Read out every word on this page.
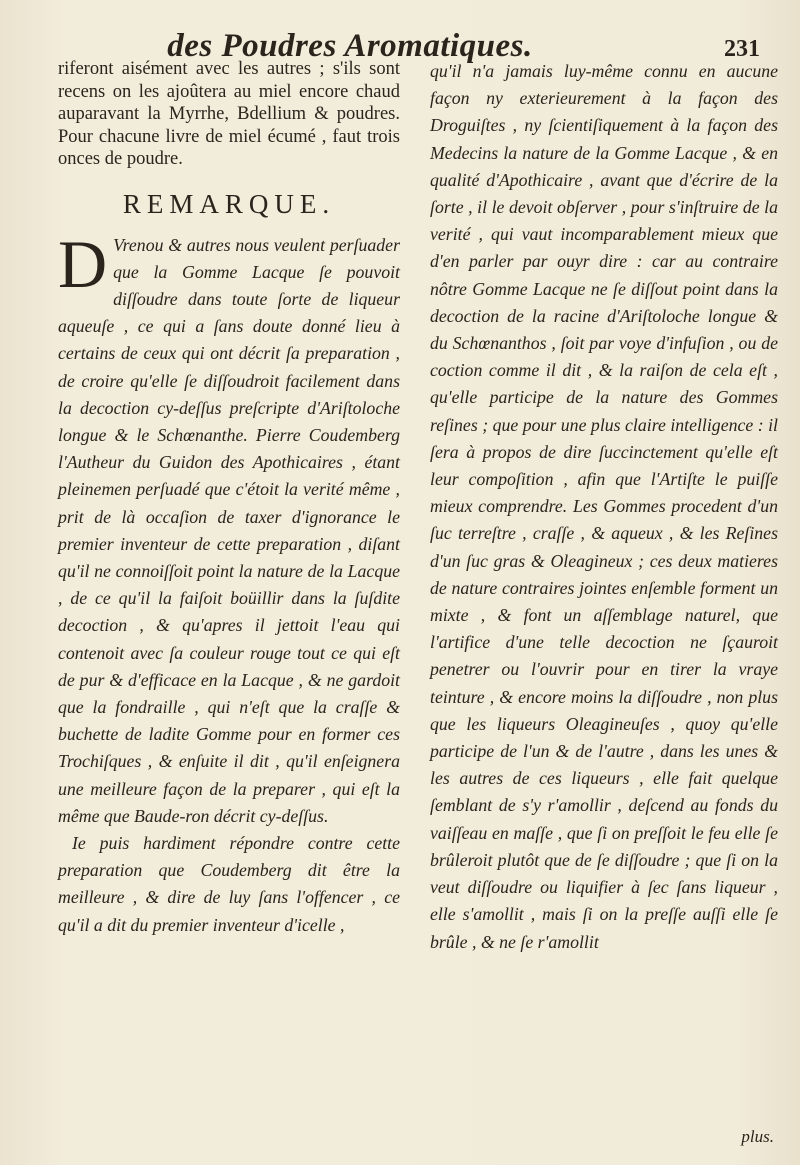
des Poudres Aromatiques.	231

riferont aisément avec les autres ; s'ils sont recens on les ajoûtera au miel encore chaud auparavant la Myrrhe, Bdellium & poudres. Pour chacune livre de miel écumé , faut trois onces de poudre.

REMARQUE.
D Vrenou & autres nous veulent perſuader que la Gomme Lacque ſe pouvoit diſſoudre dans toute ſorte de liqueur aqueuſe , ce qui a ſans doute donné lieu à certains de ceux qui ont décrit ſa preparation , de croire qu'elle ſe diſſoudroit facilement dans la decoction cy-deſſus preſcripte d'Ariſtoloche longue & le Schœnanthe. Pierre Coudemberg l'Autheur du Guidon des Apothicaires , étant pleinemen perſuadé que c'étoit la verité même , prit de là occaſion de taxer d'ignorance le premier inventeur de cette preparation , diſant qu'il ne connoiſſoit point la nature de la Lacque , de ce qu'il la faiſoit boüillir dans la ſuſdite decoction , & qu'apres il jettoit l'eau qui contenoit avec ſa couleur rouge tout ce qui eſt de pur & d'efficace en la Lacque , & ne gardoit que la fondraille , qui n'eſt que la craſſe & buchette de ladite Gomme pour en former ces Trochiſques , & enſuite il dit , qu'il enſeignera une meilleure façon de la preparer , qui eſt la même que Baude-ron décrit cy-deſſus.

Ie puis hardiment répondre contre cette preparation que Coudemberg dit être la meilleure , & dire de luy ſans l'offencer , ce qu'il a dit du premier inventeur d'icelle ,

qu'il n'a jamais luy-même connu en aucune façon ny exterieurement à la façon des Droguiſtes , ny ſcientiſiquement à la façon des Medecins la nature de la Gomme Lacque , & en qualité d'Apothicaire , avant que d'écrire de la ſorte , il le devoit obſerver , pour s'inſtruire de la verité , qui vaut incomparablement mieux que d'en parler par ouyr dire : car au contraire nôtre Gomme Lacque ne ſe diſſout point dans la decoction de la racine d'Ariſtoloche longue & du Schœnanthos , ſoit par voye d'infuſion , ou de coction comme il dit , & la raiſon de cela eſt , qu'elle participe de la nature des Gommes reſines ; que pour une plus claire intelligence : il ſera à propos de dire ſuccinctement qu'elle eſt leur compoſition , afin que l'Artiſte le puiſſe mieux comprendre. Les Gommes procedent d'un ſuc terreſtre , craſſe , & aqueux , & les Reſines d'un ſuc gras & Oleagineux ; ces deux matieres de nature contraires jointes enſemble forment un mixte , & font un aſſemblage naturel, que l'artifice d'une telle decoction ne ſçauroit penetrer ou l'ouvrir pour en tirer la vraye teinture , & encore moins la diſſoudre , non plus que les liqueurs Oleagineuſes , quoy qu'elle participe de l'un & de l'autre , dans les unes & les autres de ces liqueurs , elle fait quelque ſemblant de s'y r'amollir , deſcend au fonds du vaiſſeau en maſſe , que ſi on preſſoit le feu elle ſe brûleroit plutôt que de ſe diſſoudre ; que ſi on la veut diſſoudre ou liquifier à ſec ſans liqueur , elle s'amollit , mais ſi on la preſſe auſſi elle ſe brûle , & ne ſe r'amollit

plus.
